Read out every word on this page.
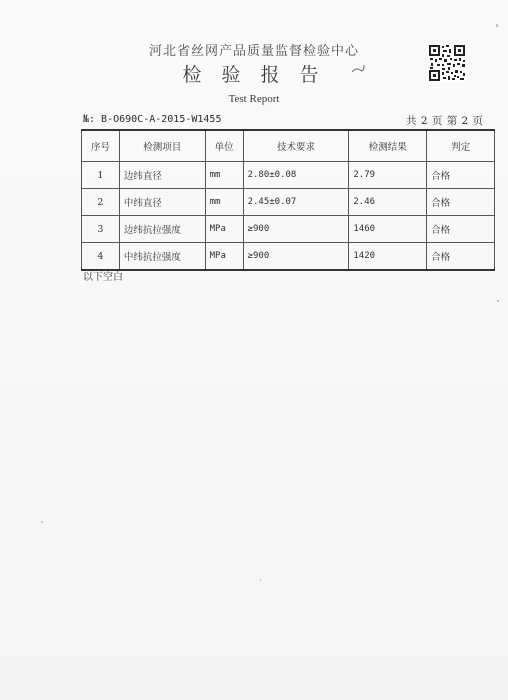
河北省丝网产品质量监督检验中心
检 验 报 告
Test Report
№: B-O690C-A-2015-W1455	共 2 页 第 2 页
序号	检测项目	单位	技术要求	检测结果	判定
1	边纬直径	mm	2.80±0.08	2.79	合格
2	中纬直径	mm	2.45±0.07	2.46	合格
3	边纬抗拉强度	MPa	≥900	1460	合格
4	中纬抗拉强度	MPa	≥900	1420	合格
以下空白
